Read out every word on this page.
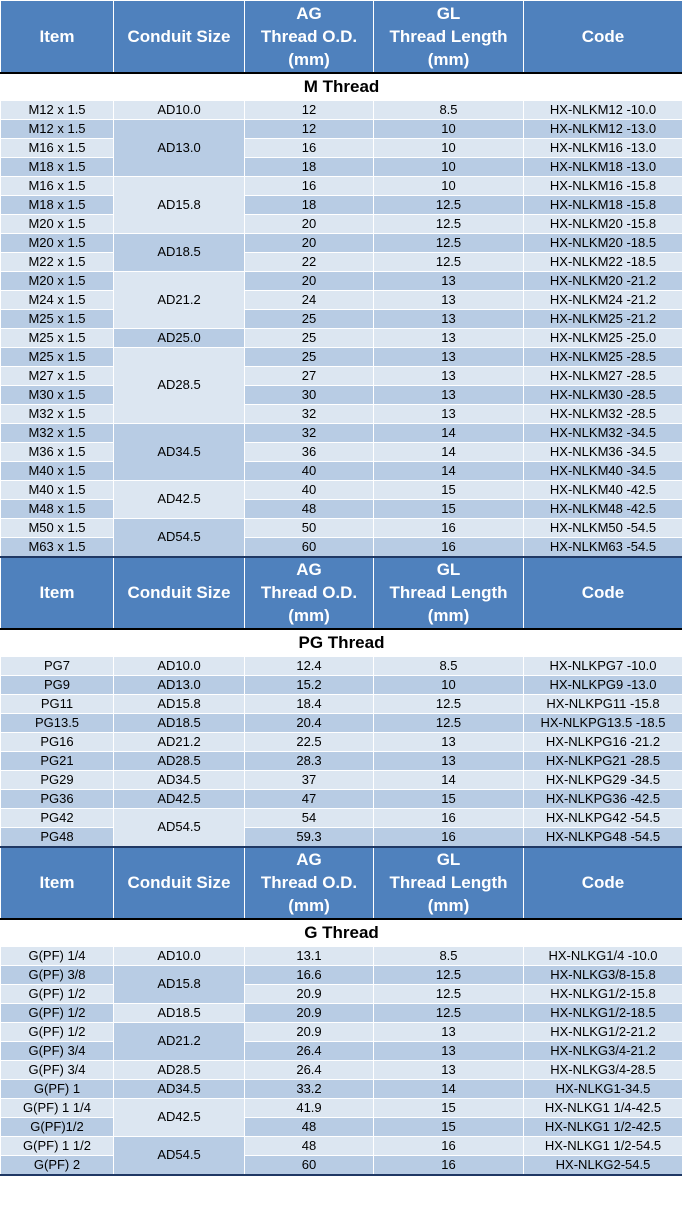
Item	Conduit Size	AG
Thread O.D.
(mm)	GL
Thread Length
(mm)	Code
M Thread				
M12 x 1.5	AD10.0	12	8.5	HX-NLKM12 -10.0
M12 x 1.5	AD13.0	12	10	HX-NLKM12 -13.0
M16 x 1.5		16	10	HX-NLKM16 -13.0
M18 x 1.5		18	10	HX-NLKM18 -13.0
M16 x 1.5	AD15.8	16	10	HX-NLKM16 -15.8
M18 x 1.5		18	12.5	HX-NLKM18 -15.8
M20 x 1.5		20	12.5	HX-NLKM20 -15.8
M20 x 1.5	AD18.5	20	12.5	HX-NLKM20 -18.5
M22 x 1.5		22	12.5	HX-NLKM22 -18.5
M20 x 1.5	AD21.2	20	13	HX-NLKM20 -21.2
M24 x 1.5		24	13	HX-NLKM24 -21.2
M25 x 1.5		25	13	HX-NLKM25 -21.2
M25 x 1.5	AD25.0	25	13	HX-NLKM25 -25.0
M25 x 1.5	AD28.5	25	13	HX-NLKM25 -28.5
M27 x 1.5		27	13	HX-NLKM27 -28.5
M30 x 1.5		30	13	HX-NLKM30 -28.5
M32 x 1.5		32	13	HX-NLKM32 -28.5
M32 x 1.5	AD34.5	32	14	HX-NLKM32 -34.5
M36 x 1.5		36	14	HX-NLKM36 -34.5
M40 x 1.5		40	14	HX-NLKM40 -34.5
M40 x 1.5	AD42.5	40	15	HX-NLKM40 -42.5
M48 x 1.5		48	15	HX-NLKM48 -42.5
M50 x 1.5	AD54.5	50	16	HX-NLKM50 -54.5
M63 x 1.5		60	16	HX-NLKM63 -54.5
Item	Conduit Size	AG
Thread O.D.
(mm)	GL
Thread Length
(mm)	Code
PG Thread				
PG7	AD10.0	12.4	8.5	HX-NLKPG7 -10.0
PG9	AD13.0	15.2	10	HX-NLKPG9 -13.0
PG11	AD15.8	18.4	12.5	HX-NLKPG11 -15.8
PG13.5	AD18.5	20.4	12.5	HX-NLKPG13.5 -18.5
PG16	AD21.2	22.5	13	HX-NLKPG16 -21.2
PG21	AD28.5	28.3	13	HX-NLKPG21 -28.5
PG29	AD34.5	37	14	HX-NLKPG29 -34.5
PG36	AD42.5	47	15	HX-NLKPG36 -42.5
PG42	AD54.5	54	16	HX-NLKPG42 -54.5
PG48		59.3	16	HX-NLKPG48 -54.5
Item	Conduit Size	AG
Thread O.D.
(mm)	GL
Thread Length
(mm)	Code
G Thread				
G(PF) 1/4	AD10.0	13.1	8.5	HX-NLKG1/4 -10.0
G(PF) 3/8	AD15.8	16.6	12.5	HX-NLKG3/8-15.8
G(PF) 1/2		20.9	12.5	HX-NLKG1/2-15.8
G(PF) 1/2	AD18.5	20.9	12.5	HX-NLKG1/2-18.5
G(PF) 1/2	AD21.2	20.9	13	HX-NLKG1/2-21.2
G(PF) 3/4		26.4	13	HX-NLKG3/4-21.2
G(PF) 3/4	AD28.5	26.4	13	HX-NLKG3/4-28.5
G(PF) 1	AD34.5	33.2	14	HX-NLKG1-34.5
G(PF) 1 1/4	AD42.5	41.9	15	HX-NLKG1 1/4-42.5
G(PF)1/2		48	15	HX-NLKG1 1/2-42.5
G(PF) 1 1/2	AD54.5	48	16	HX-NLKG1 1/2-54.5
G(PF) 2		60	16	HX-NLKG2-54.5
